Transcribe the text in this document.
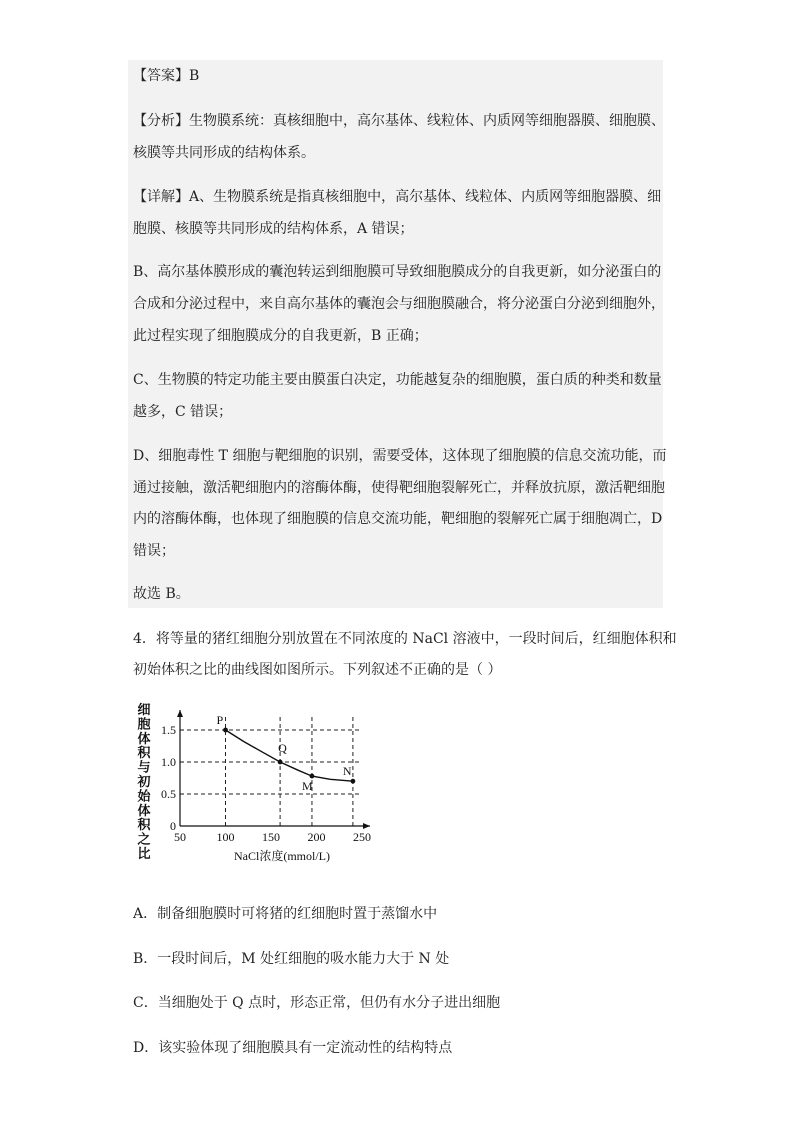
【答案】B
【分析】生物膜系统：真核细胞中，高尔基体、线粒体、内质网等细胞器膜、细胞膜、
核膜等共同形成的结构体系。
【详解】A、生物膜系统是指真核细胞中，高尔基体、线粒体、内质网等细胞器膜、细
胞膜、核膜等共同形成的结构体系，A 错误；
B、高尔基体膜形成的囊泡转运到细胞膜可导致细胞膜成分的自我更新，如分泌蛋白的
合成和分泌过程中，来自高尔基体的囊泡会与细胞膜融合，将分泌蛋白分泌到细胞外，
此过程实现了细胞膜成分的自我更新，B 正确；
C、生物膜的特定功能主要由膜蛋白决定，功能越复杂的细胞膜，蛋白质的种类和数量
越多，C 错误；
D、细胞毒性 T 细胞与靶细胞的识别，需要受体，这体现了细胞膜的信息交流功能，而
通过接触，激活靶细胞内的溶酶体酶，使得靶细胞裂解死亡，并释放抗原，激活靶细胞
内的溶酶体酶，也体现了细胞膜的信息交流功能，靶细胞的裂解死亡属于细胞凋亡，D
错误；
故选 B。
4．将等量的猪红细胞分别放置在不同浓度的 NaCl 溶液中，一段时间后，红细胞体积和
初始体积之比的曲线图如图所示。下列叙述不正确的是（ ）
细
胞
体
积
与
初
始
体
积
之
比
50	100 150 200 250
0
0.5
1.0
1.5
P
Q
M
N
NaCl浓度(mmol/L)
A．制备细胞膜时可将猪的红细胞时置于蒸馏水中
B．一段时间后，M 处红细胞的吸水能力大于 N 处
C．当细胞处于 Q 点时，形态正常，但仍有水分子进出细胞
D．该实验体现了细胞膜具有一定流动性的结构特点
